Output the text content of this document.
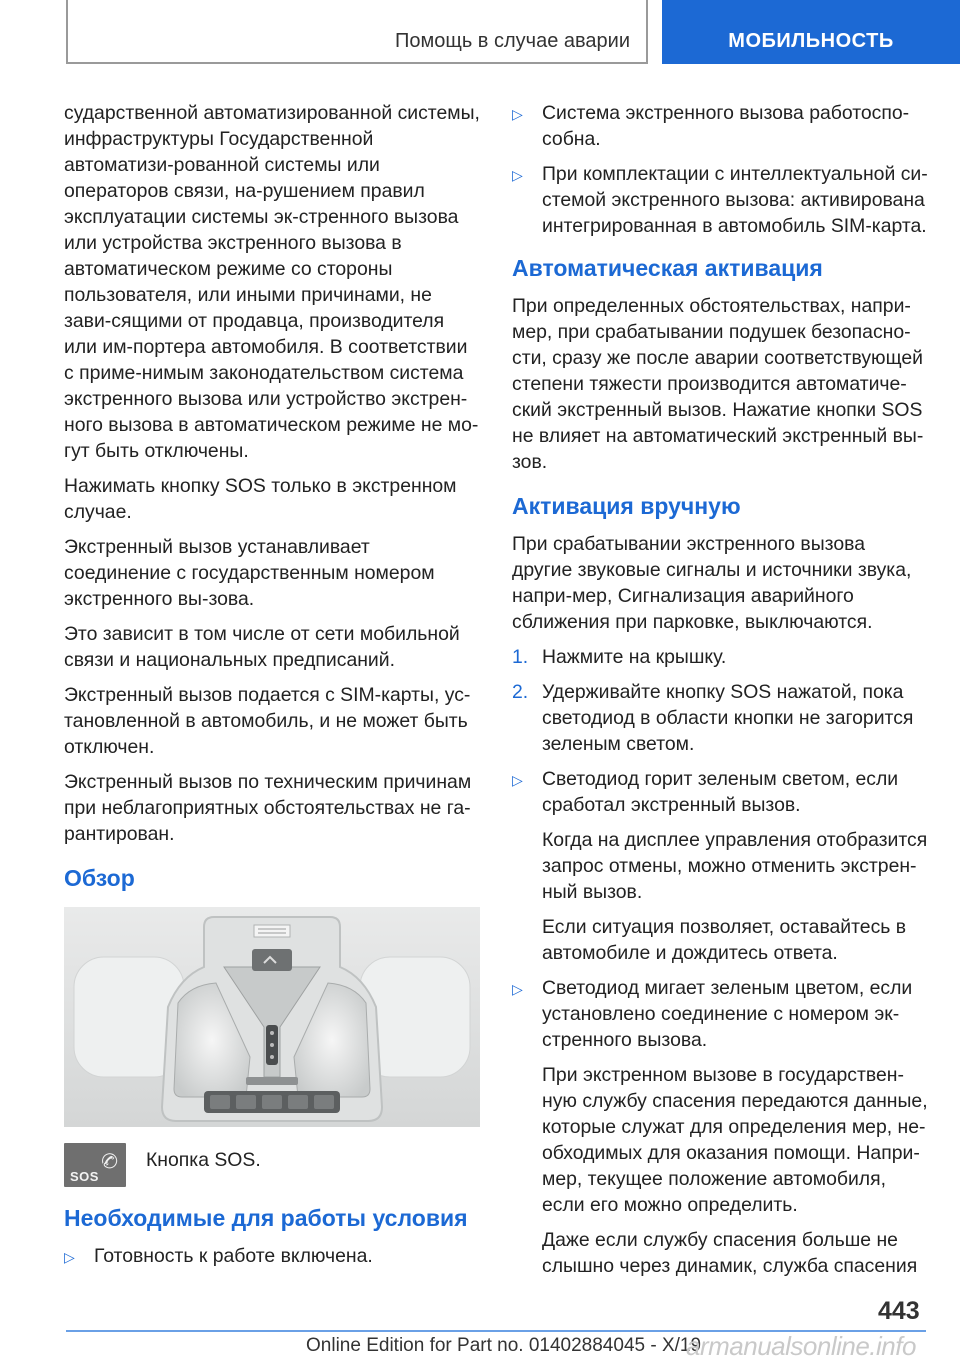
Помощь в случае аварии	МОБИЛЬНОСТЬ

сударственной автоматизированной системы, инфраструктуры Государственной автоматизи‐рованной системы или операторов связи, на‐рушением правил эксплуатации системы эк‐стренного вызова или устройства экстренного вызова в автоматическом режиме со стороны пользователя, или иными причинами, не зави‐сящими от продавца, производителя или им‐портера автомобиля. В соответствии с приме‐нимым законодательством система экстренного вызова или устройство экстрен‐ного вызова в автоматическом режиме не мо‐гут быть отключены.

Нажимать кнопку SOS только в экстренном случае.

Экстренный вызов устанавливает соединение с государственным номером экстренного вы‐зова.

Это зависит в том числе от сети мобильной связи и национальных предписаний.

Экстренный вызов подается с SIM-карты, ус‐тановленной в автомобиль, и не может быть отключен.

Экстренный вызов по техническим причинам при неблагоприятных обстоятельствах не га‐рантирован.

Обзор
✆
SOS
Кнопка SOS.
Необходимые для работы условия
▷ Готовность к работе включена.
▷ Система экстренного вызова работоспо‐собна.
▷ При комплектации с интеллектуальной си‐стемой экстренного вызова: активирована интегрированная в автомобиль SIM-карта.
Автоматическая активация

При определенных обстоятельствах, напри‐мер, при срабатывании подушек безопасно‐сти, сразу же после аварии соответствующей степени тяжести производится автоматиче‐ский экстренный вызов. Нажатие кнопки SOS не влияет на автоматический экстренный вы‐зов.

Активация вручную

При срабатывании экстренного вызова другие звуковые сигналы и источники звука, напри‐мер, Сигнализация аварийного сближения при парковке, выключаются.

1. Нажмите на крышку.
2. Удерживайте кнопку SOS нажатой, пока светодиод в области кнопки не загорится зеленым светом.
▷ Светодиод горит зеленым светом, если сработал экстренный вызов.

Когда на дисплее управления отобразится запрос отмены, можно отменить экстрен‐ный вызов.

Если ситуация позволяет, оставайтесь в автомобиле и дождитесь ответа.

▷ Светодиод мигает зеленым цветом, если установлено соединение с номером эк‐стренного вызова.

При экстренном вызове в государствен‐ную службу спасения передаются данные, которые служат для определения мер, не‐обходимых для оказания помощи. Напри‐мер, текущее положение автомобиля, если его можно определить.

Даже если службу спасения больше не слышно через динамик, служба спасения

443
Online Edition for Part no. 01402884045 - X/19
armanualsonline.info
